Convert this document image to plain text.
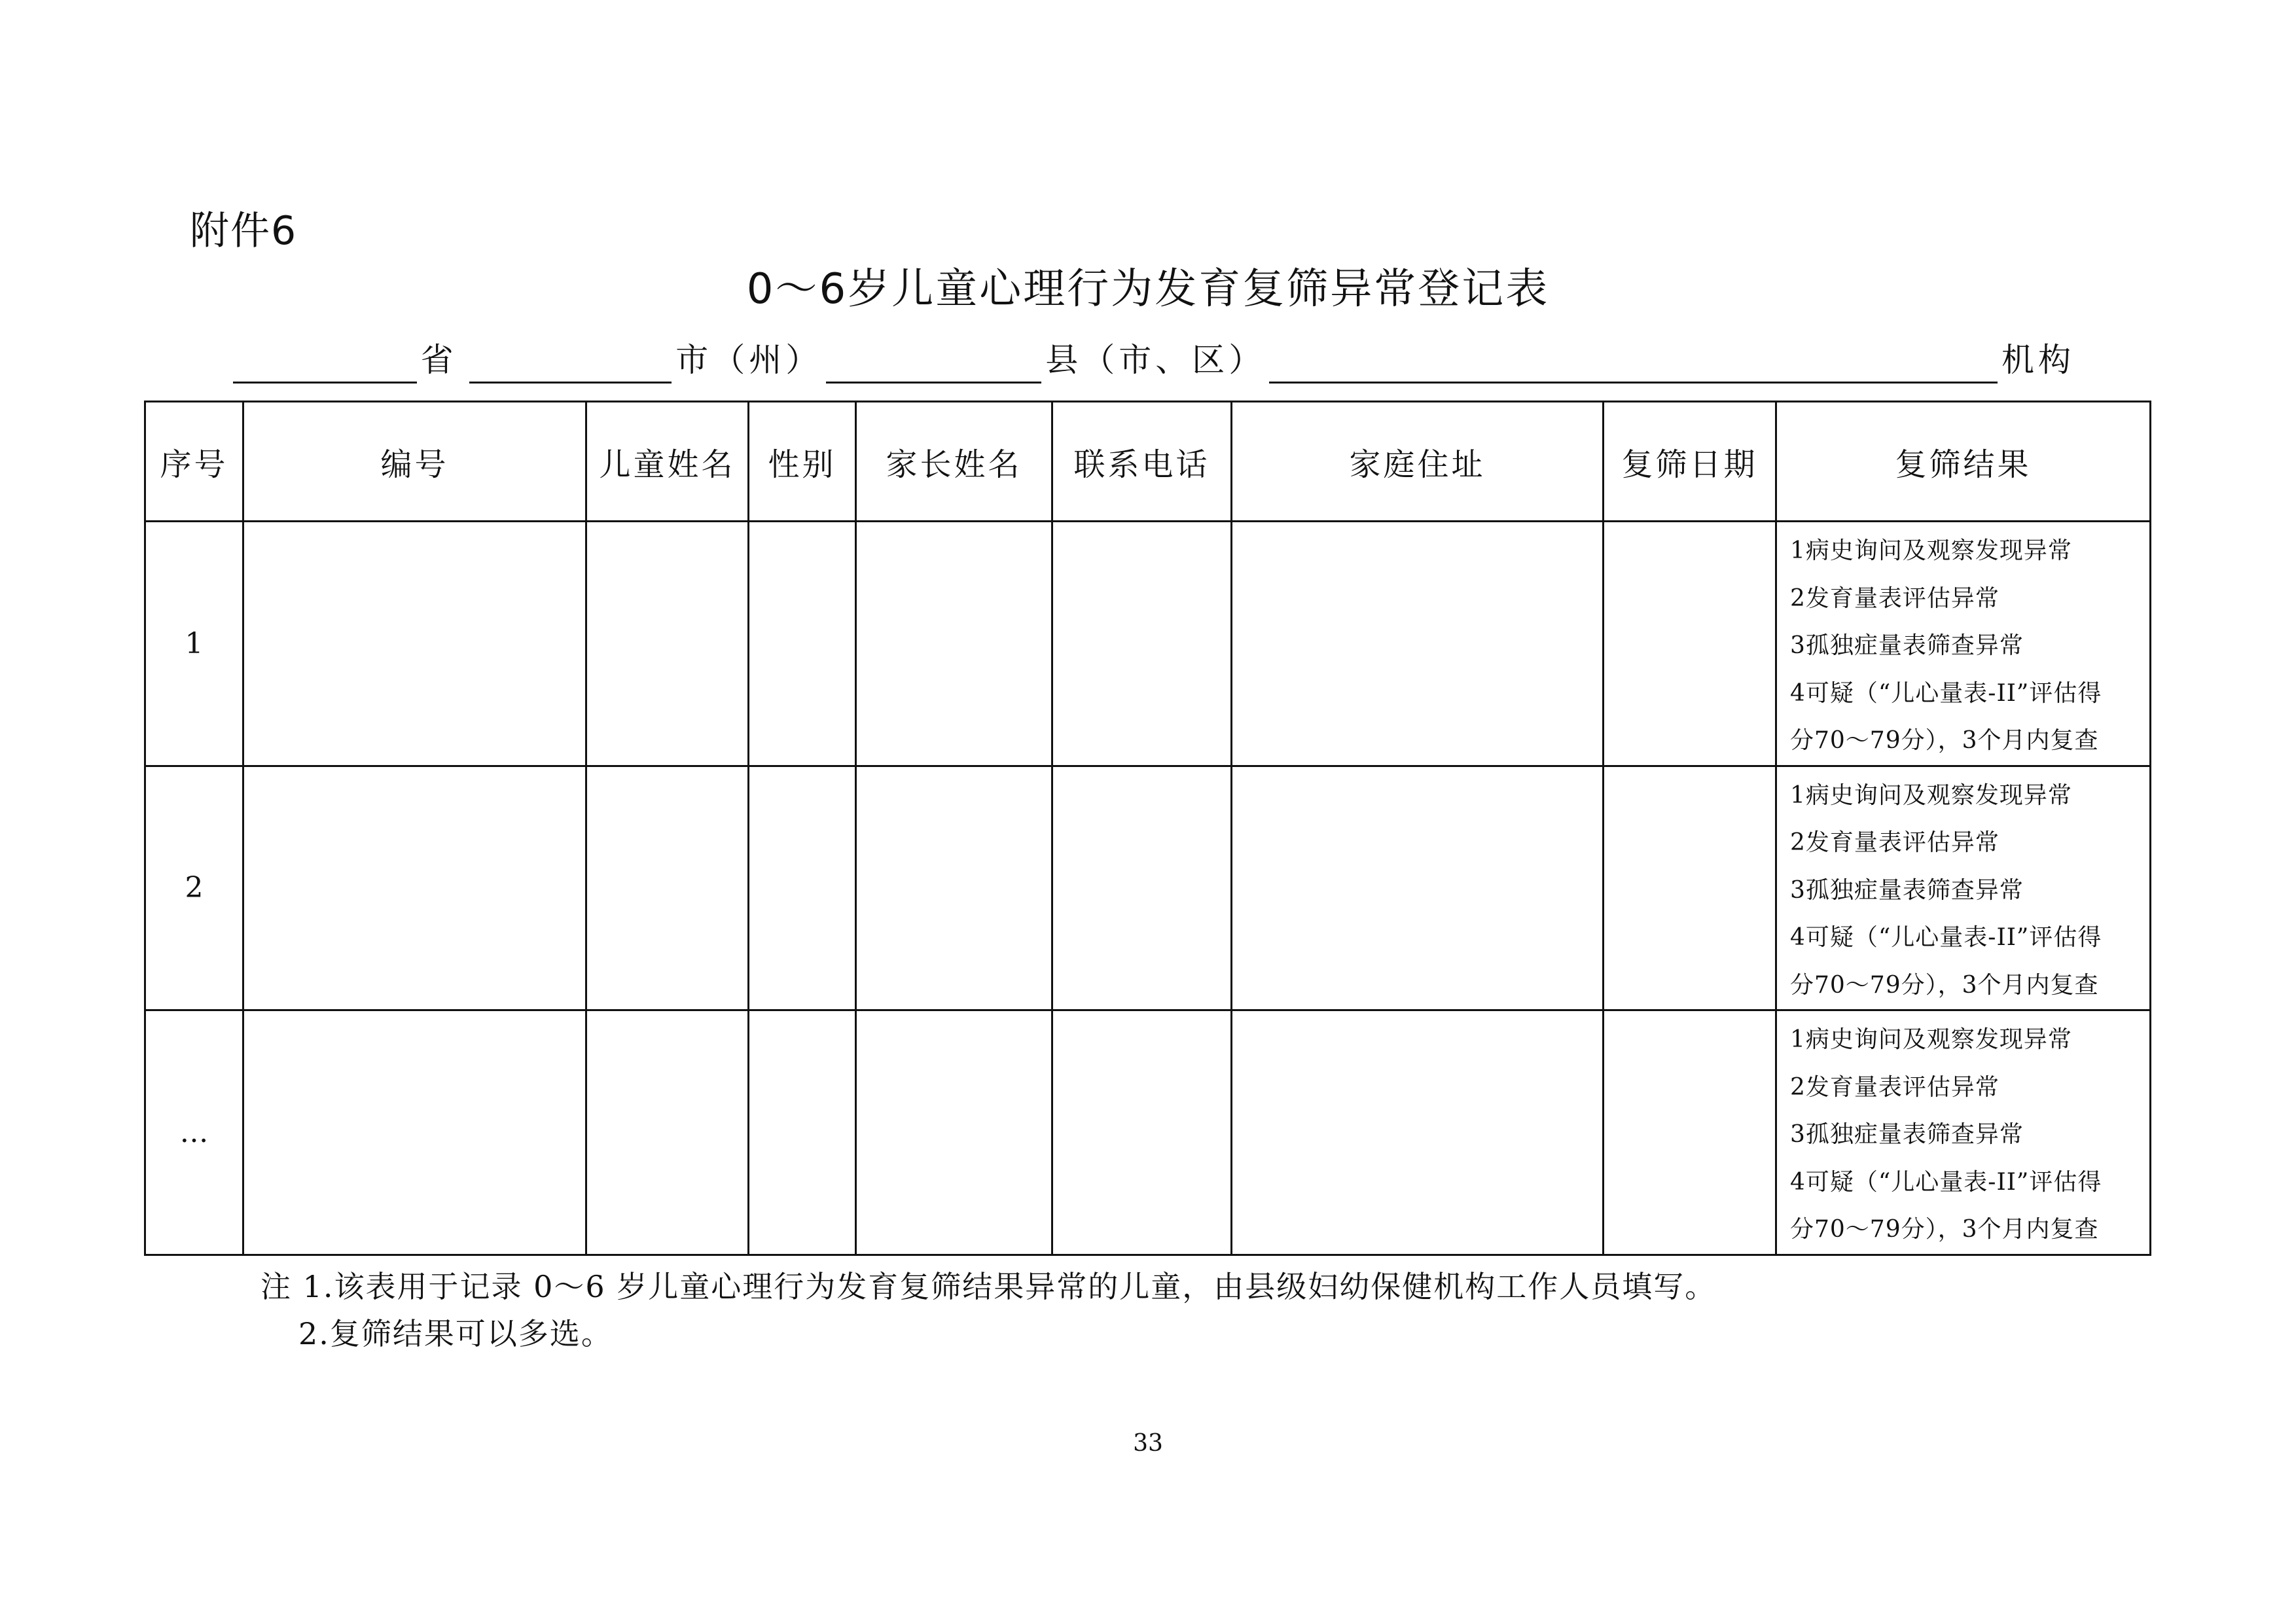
附件6
0～6岁儿童心理行为发育复筛异常登记表
省	市（州）	县（市、区）	机构
序号	编号	儿童姓名	性别	家长姓名	联系电话	家庭住址	复筛日期	复筛结果
1								1病史询问及观察发现异常
2发育量表评估异常
3孤独症量表筛查异常
4可疑（“儿心量表-II”评估得
分70～79分），3个月内复查

2								1病史询问及观察发现异常
2发育量表评估异常
3孤独症量表筛查异常
4可疑（“儿心量表-II”评估得
分70～79分），3个月内复查

…								1病史询问及观察发现异常
2发育量表评估异常
3孤独症量表筛查异常
4可疑（“儿心量表-II”评估得
分70～79分），3个月内复查
注 1.该表用于记录 0～6 岁儿童心理行为发育复筛结果异常的儿童，由县级妇幼保健机构工作人员填写。
2.复筛结果可以多选。
33
